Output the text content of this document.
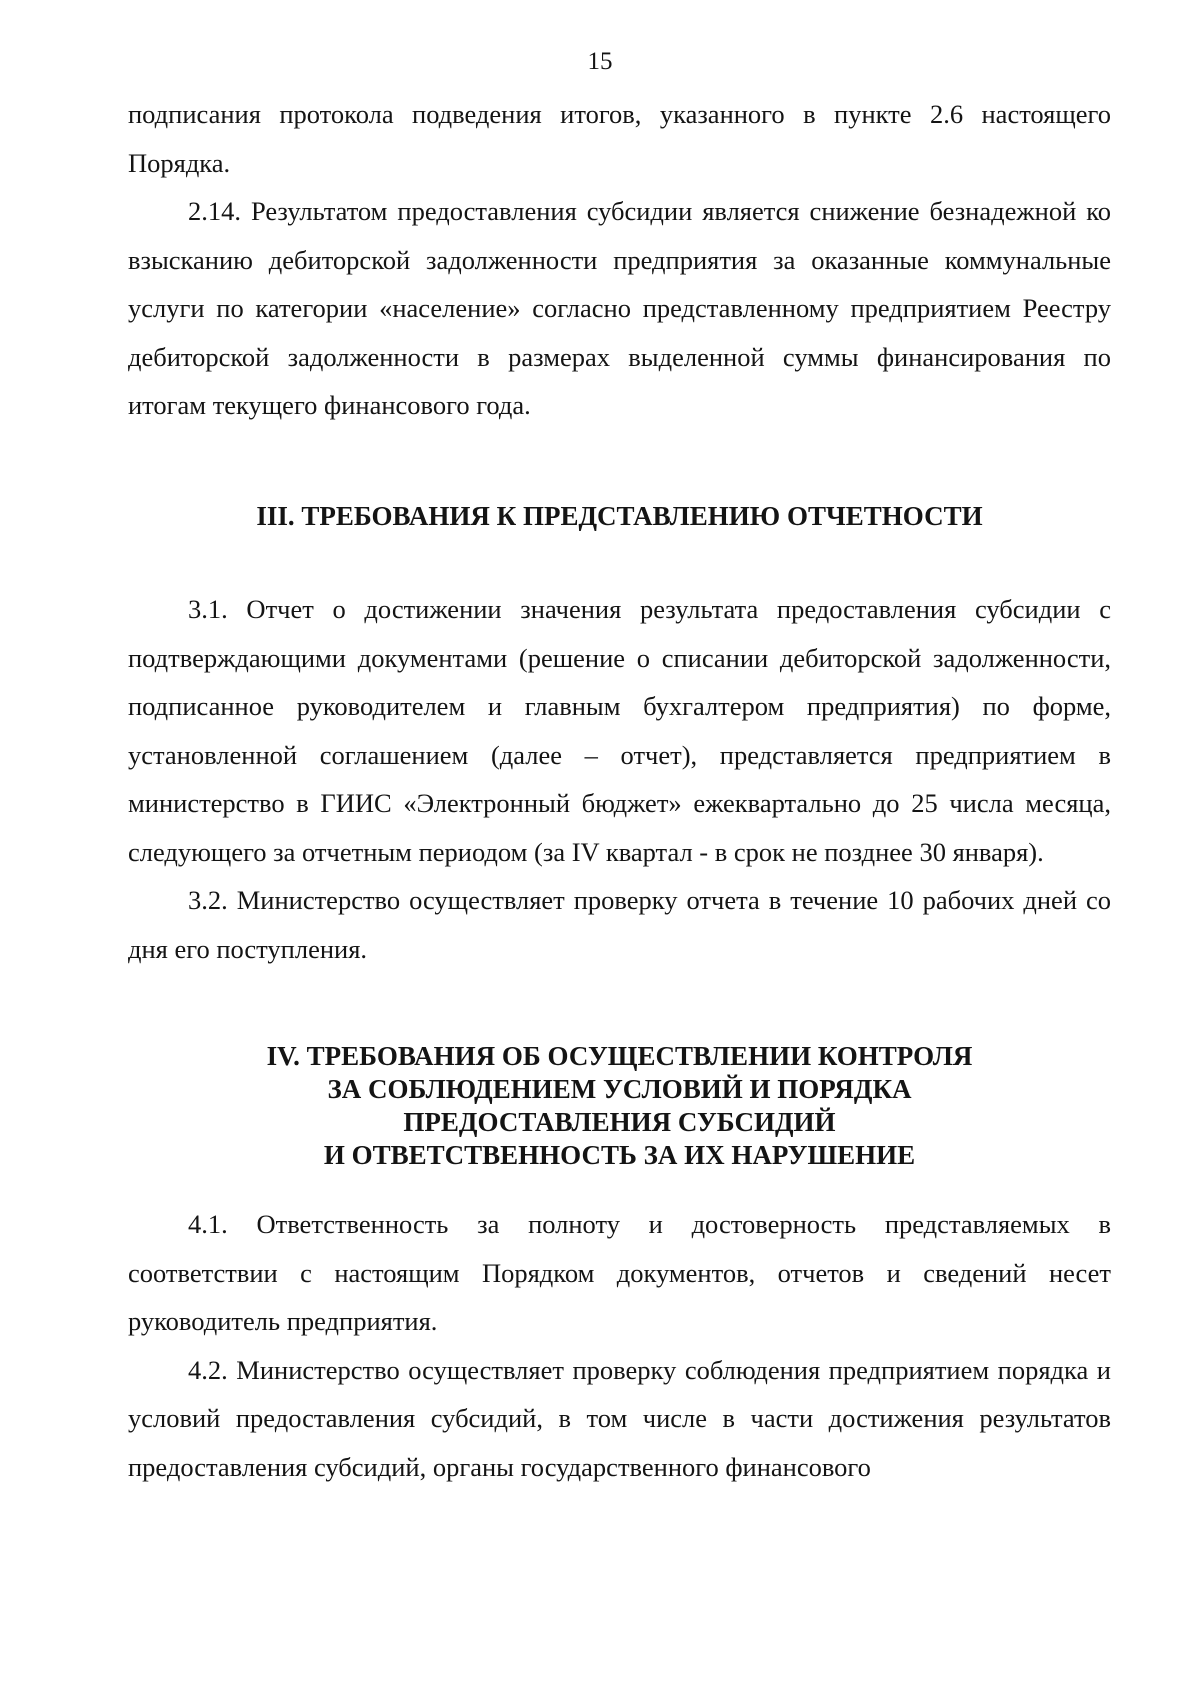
15

подписания протокола подведения итогов, указанного в пункте 2.6 настоящего Порядка.

2.14. Результатом предоставления субсидии является снижение безнадежной ко взысканию дебиторской задолженности предприятия за оказанные коммунальные услуги по категории «население» согласно представленному предприятием Реестру дебиторской задолженности в размерах выделенной суммы финансирования по итогам текущего финансового года.

III. ТРЕБОВАНИЯ К ПРЕДСТАВЛЕНИЮ ОТЧЕТНОСТИ

3.1. Отчет о достижении значения результата предоставления субсидии с подтверждающими документами (решение о списании дебиторской задолженности, подписанное руководителем и главным бухгалтером предприятия) по форме, установленной соглашением (далее – отчет), представляется предприятием в министерство в ГИИС «Электронный бюджет» ежеквартально до 25 числа месяца, следующего за отчетным периодом (за IV квартал - в срок не позднее 30 января).

3.2. Министерство осуществляет проверку отчета в течение 10 рабочих дней со дня его поступления.

IV. ТРЕБОВАНИЯ ОБ ОСУЩЕСТВЛЕНИИ КОНТРОЛЯ
ЗА СОБЛЮДЕНИЕМ УСЛОВИЙ И ПОРЯДКА
ПРЕДОСТАВЛЕНИЯ СУБСИДИЙ
И ОТВЕТСТВЕННОСТЬ ЗА ИХ НАРУШЕНИЕ

4.1. Ответственность за полноту и достоверность представляемых в соответствии с настоящим Порядком документов, отчетов и сведений несет руководитель предприятия.

4.2. Министерство осуществляет проверку соблюдения предприятием порядка и условий предоставления субсидий, в том числе в части достижения результатов предоставления субсидий, органы государственного финансового
